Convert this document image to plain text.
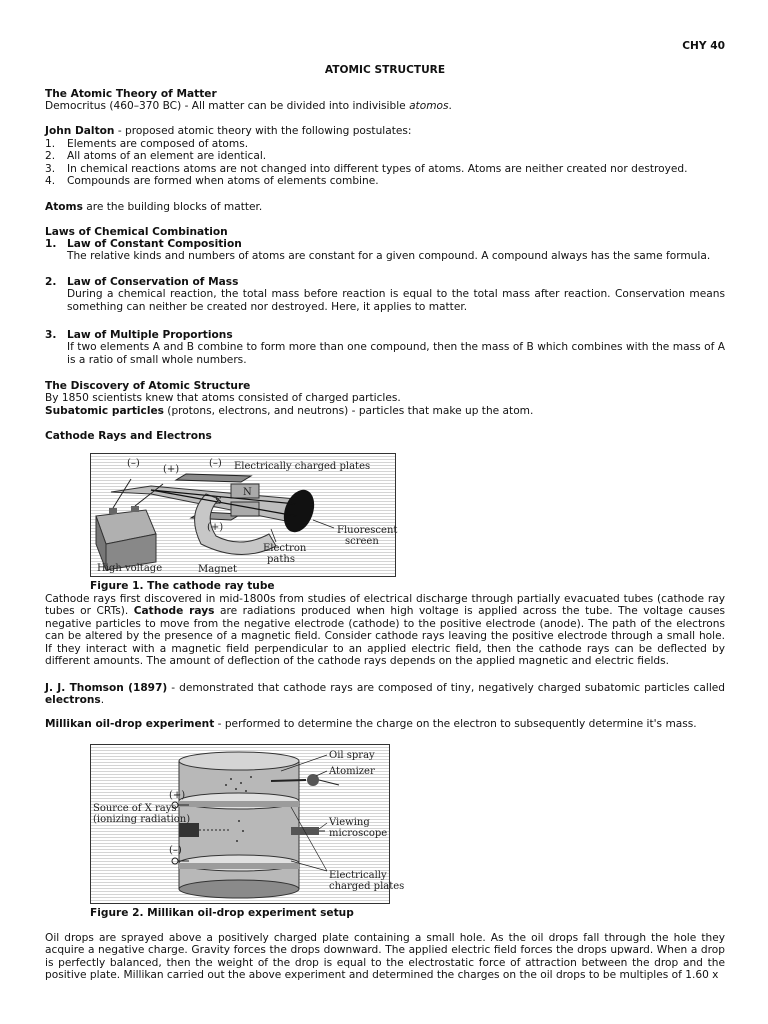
CHY 40
ATOMIC STRUCTURE
The Atomic Theory of Matter
Democritus (460–370 BC) - All matter can be divided into indivisible atomos.
John Dalton - proposed atomic theory with the following postulates:
1.	Elements are composed of atoms.
2.	All atoms of an element are identical.
3.	In chemical reactions atoms are not changed into different types of atoms. Atoms are neither created nor destroyed.
4.	Compounds are formed when atoms of elements combine.
Atoms are the building blocks of matter.
Laws of Chemical Combination
1. Law of Constant Composition
The relative kinds and numbers of atoms are constant for a given compound. A compound always has the same formula.
2. Law of Conservation of Mass
During a chemical reaction, the total mass before reaction is equal to the total mass after reaction. Conservation means something can neither be created nor destroyed. Here, it applies to matter.
3. Law of Multiple Proportions
If two elements A and B combine to form more than one compound, then the mass of B which combines with the mass of A is a ratio of small whole numbers.
The Discovery of Atomic Structure
By 1850 scientists knew that atoms consisted of charged particles.
Subatomic particles (protons, electrons, and neutrons) - particles that make up the atom.
Cathode Rays and Electrons
(–)
(+)
(–) Electrically charged plates
N
S
(+)	Fluorescent
screen
Electron
paths
High voltage	Magnet
Figure 1. The cathode ray tube
Cathode rays first discovered in mid-1800s from studies of electrical discharge through partially evacuated tubes (cathode ray tubes or CRTs). Cathode rays are radiations produced when high voltage is applied across the tube. The voltage causes negative particles to move from the negative electrode (cathode) to the positive electrode (anode). The path of the electrons can be altered by the presence of a magnetic field. Consider cathode rays leaving the positive electrode through a small hole. If they interact with a magnetic field perpendicular to an applied electric field, then the cathode rays can be deflected by different amounts. The amount of deflection of the cathode rays depends on the applied magnetic and electric fields.
J. J. Thomson (1897) - demonstrated that cathode rays are composed of tiny, negatively charged subatomic particles called electrons.
Millikan oil-drop experiment - performed to determine the charge on the electron to subsequently determine it's mass.
Oil spray
Atomizer
(+)
Source of X rays
(ionizing radiation)	Viewing
microscope
(–)
Electrically
charged plates
Figure 2. Millikan oil-drop experiment setup
Oil drops are sprayed above a positively charged plate containing a small hole. As the oil drops fall through the hole they acquire a negative charge. Gravity forces the drops downward. The applied electric field forces the drops upward. When a drop is perfectly balanced, then the weight of the drop is equal to the electrostatic force of attraction between the drop and the positive plate. Millikan carried out the above experiment and determined the charges on the oil drops to be multiples of 1.60 x
